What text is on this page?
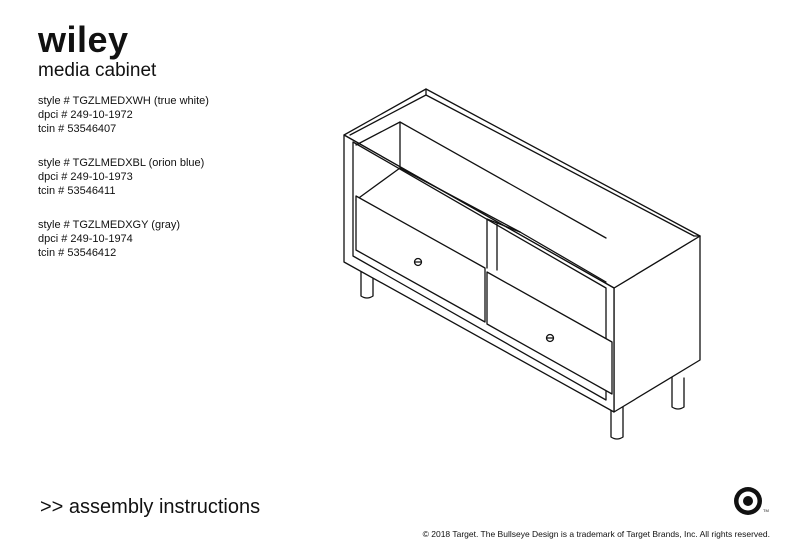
wiley
media cabinet
style # TGZLMEDXWH (true white)
dpci # 249-10-1972
tcin # 53546407
style # TGZLMEDXBL (orion blue)
dpci # 249-10-1973
tcin # 53546411
style # TGZLMEDXGY (gray)
dpci # 249-10-1974
tcin # 53546412
>> assembly instructions	TM
© 2018 Target. The Bullseye Design is a trademark of Target Brands, Inc. All rights reserved.
